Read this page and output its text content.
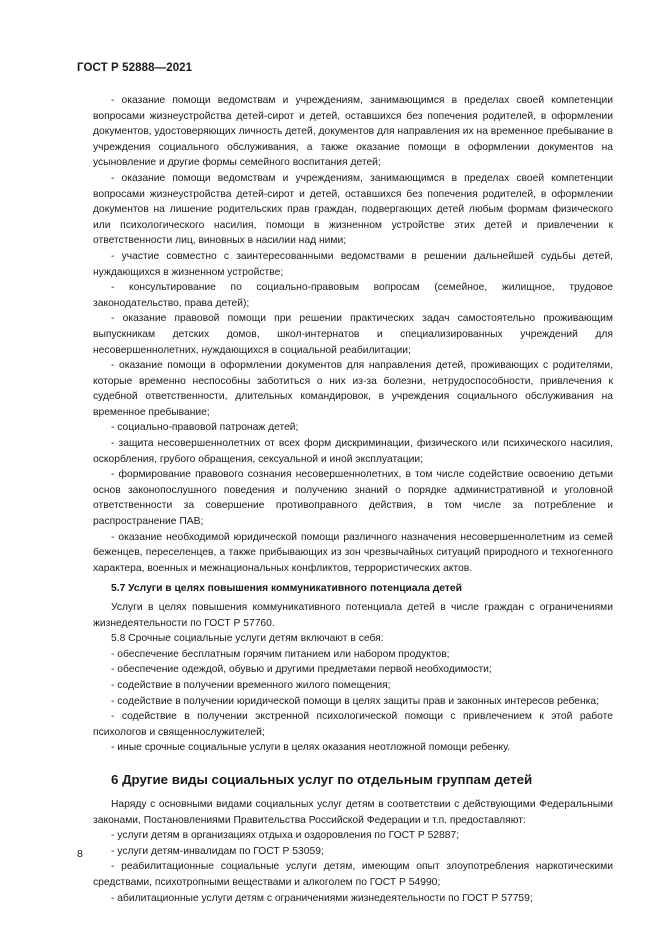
ГОСТ Р 52888—2021

- оказание помощи ведомствам и учреждениям, занимающимся в пределах своей компетенции вопросами жизнеустройства детей-сирот и детей, оставшихся без попечения родителей, в оформлении документов, удостоверяющих личность детей, документов для направления их на временное пребывание в учреждения социального обслуживания, а также оказание помощи в оформлении документов на усыновление и другие формы семейного воспитания детей;

- оказание помощи ведомствам и учреждениям, занимающимся в пределах своей компетенции вопросами жизнеустройства детей-сирот и детей, оставшихся без попечения родителей, в оформлении документов на лишение родительских прав граждан, подвергающих детей любым формам физического или психологического насилия, помощи в жизненном устройстве этих детей и привлечении к ответственности лиц, виновных в насилии над ними;

- участие совместно с заинтересованными ведомствами в решении дальнейшей судьбы детей, нуждающихся в жизненном устройстве;

- консультирование по социально-правовым вопросам (семейное, жилищное, трудовое законодательство, права детей);

- оказание правовой помощи при решении практических задач самостоятельно проживающим выпускникам детских домов, школ-интернатов и специализированных учреждений для несовершеннолетних, нуждающихся в социальной реабилитации;

- оказание помощи в оформлении документов для направления детей, проживающих с родителями, которые временно неспособны заботиться о них из-за болезни, нетрудоспособности, привлечения к судебной ответственности, длительных командировок, в учреждения социального обслуживания на временное пребывание;

- социально-правовой патронаж детей;

- защита несовершеннолетних от всех форм дискриминации, физического или психического насилия, оскорбления, грубого обращения, сексуальной и иной эксплуатации;

- формирование правового сознания несовершеннолетних, в том числе содействие освоению детьми основ законопослушного поведения и получению знаний о порядке административной и уголовной ответственности за совершение противоправного действия, в том числе за потребление и распространение ПАВ;

- оказание необходимой юридической помощи различного назначения несовершеннолетним из семей беженцев, переселенцев, а также прибывающих из зон чрезвычайных ситуаций природного и техногенного характера, военных и межнациональных конфликтов, террористических актов.

5.7 Услуги в целях повышения коммуникативного потенциала детей

Услуги в целях повышения коммуникативного потенциала детей в числе граждан с ограничениями жизнедеятельности по ГОСТ Р 57760.

5.8 Срочные социальные услуги детям включают в себя:

- обеспечение бесплатным горячим питанием или набором продуктов;

- обеспечение одеждой, обувью и другими предметами первой необходимости;

- содействие в получении временного жилого помещения;

- содействие в получении юридической помощи в целях защиты прав и законных интересов ребенка;

- содействие в получении экстренной психологической помощи с привлечением к этой работе психологов и священнослужителей;

- иные срочные социальные услуги в целях оказания неотложной помощи ребенку.

6 Другие виды социальных услуг по отдельным группам детей

Наряду с основными видами социальных услуг детям в соответствии с действующими Федеральными законами, Постановлениями Правительства Российской Федерации и т.п. предоставляют:

- услуги детям в организациях отдыха и оздоровления по ГОСТ Р 52887;

- услуги детям-инвалидам по ГОСТ Р 53059;

- реабилитационные социальные услуги детям, имеющим опыт злоупотребления наркотическими средствами, психотропными веществами и алкоголем по ГОСТ Р 54990;

- абилитационные услуги детям с ограничениями жизнедеятельности по ГОСТ Р 57759;

8
